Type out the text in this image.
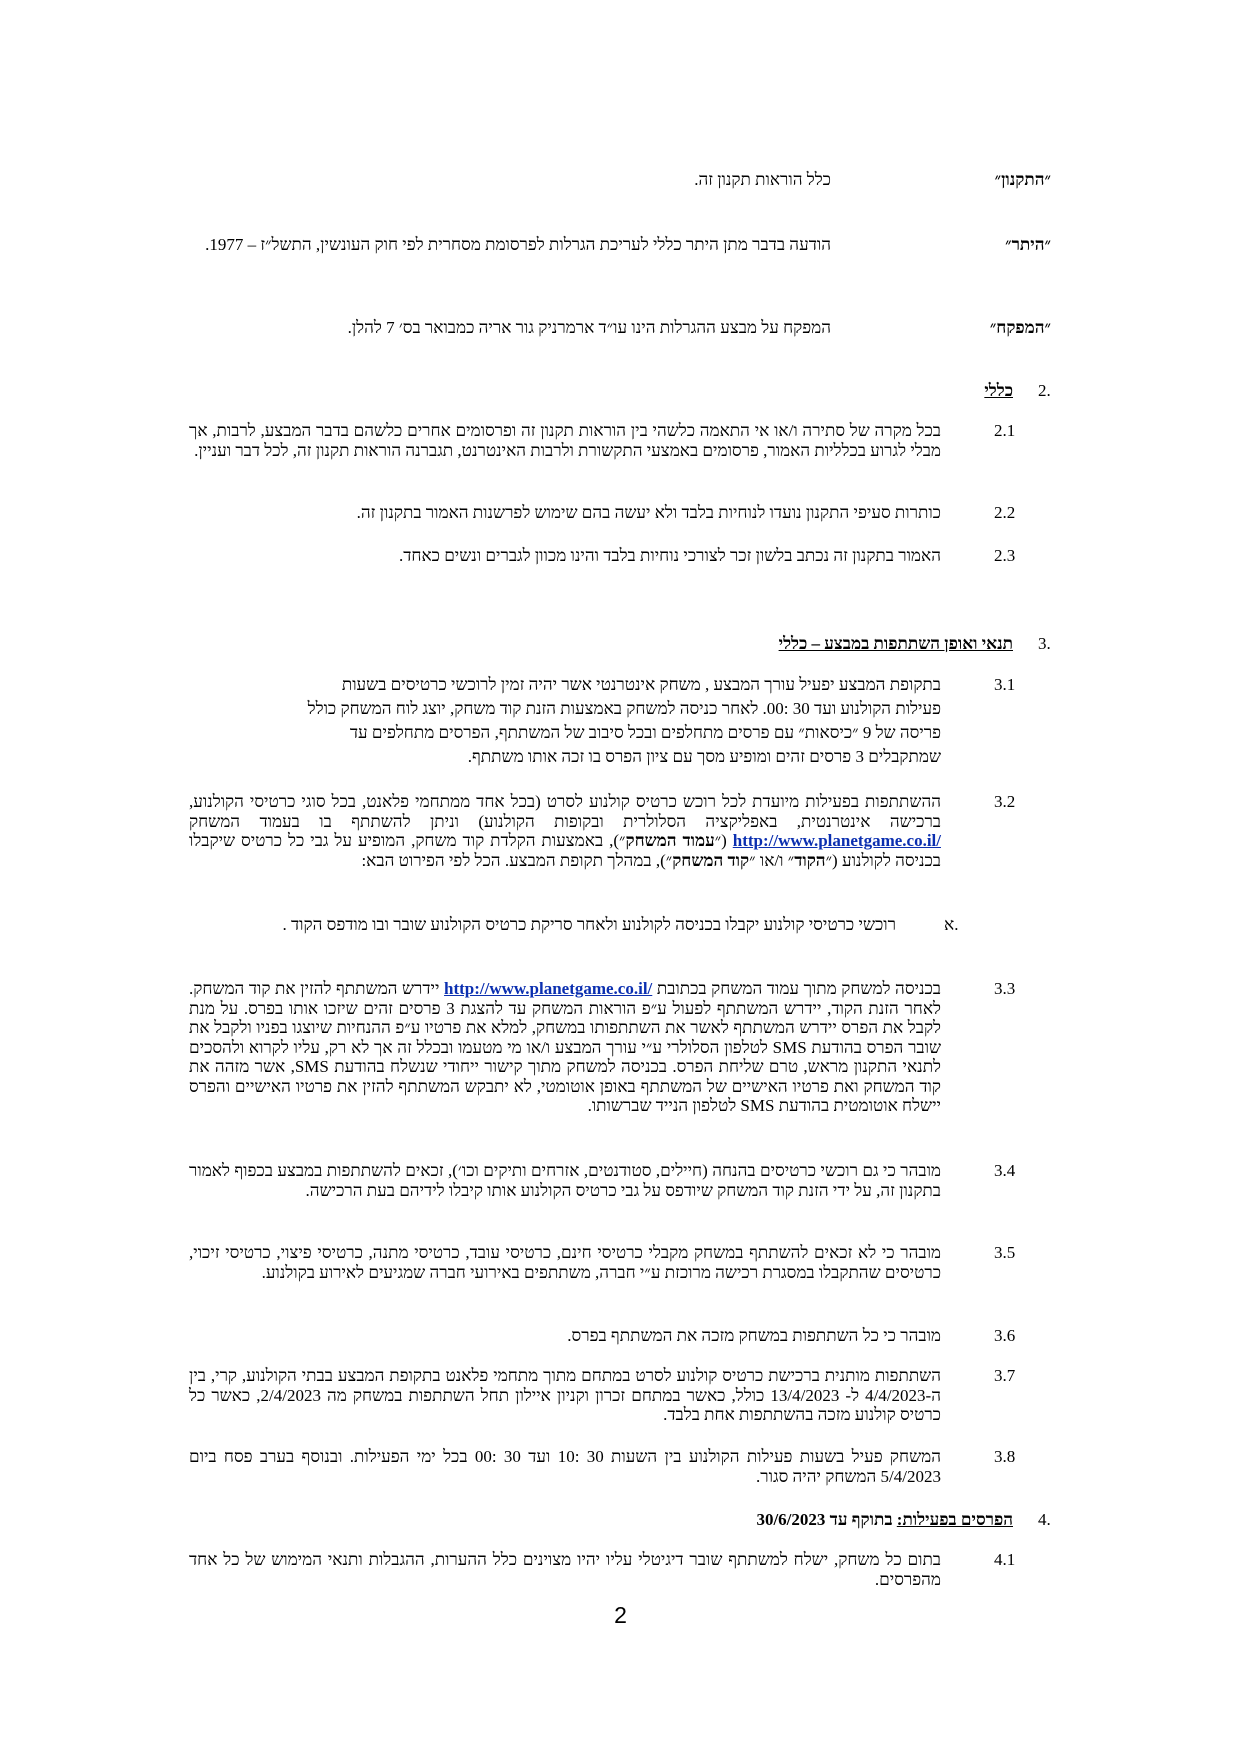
״התקנון״
כלל הוראות תקנון זה.
״היתר״
הודעה בדבר מתן היתר כללי לעריכת הגרלות לפרסומת מסחרית לפי חוק העונשין, התשל״ז – 1977.
״המפקח״
המפקח על מבצע ההגרלות הינו עו״ד ארמרניק גור אריה כמבואר בס׳ 7 להלן.
2.
כללי
2.1
בכל מקרה של סתירה ו/או אי התאמה כלשהי בין הוראות תקנון זה ופרסומים אחרים כלשהם בדבר המבצע, לרבות, אך מבלי לגרוע בכלליות האמור, פרסומים באמצעי התקשורת ולרבות האינטרנט, תגברנה הוראות תקנון זה, לכל דבר ועניין.
2.2
כותרות סעיפי התקנון נועדו לנוחיות בלבד ולא יעשה בהם שימוש לפרשנות האמור בתקנון זה.
2.3
האמור בתקנון זה נכתב בלשון זכר לצורכי נוחיות בלבד והינו מכוון לגברים ונשים כאחד.
3.
תנאי ואופן השתתפות במבצע – כללי
3.1
בתקופת המבצע יפעיל עורך המבצע , משחק אינטרנטי אשר יהיה זמין לרוכשי כרטיסים בשעות
פעילות הקולנוע ועד 30 :00. לאחר כניסה למשחק באמצעות הזנת קוד משחק, יוצג לוח המשחק כולל
פריסה של 9 ״כיסאות״ עם פרסים מתחלפים ובכל סיבוב של המשתתף, הפרסים מתחלפים עד
שמתקבלים 3 פרסים זהים ומופיע מסך עם ציון הפרס בו זכה אותו משתתף.
3.2
ההשתתפות בפעילות מיועדת לכל רוכש כרטיס קולנוע לסרט (בכל אחד ממתחמי פלאנט, בכל סוגי כרטיסי הקולנוע, ברכישה אינטרנטית, באפליקציה הסלולרית ובקופות הקולנוע) וניתן להשתתף בו בעמוד המשחק http://www.planetgame.co.il/ (״עמוד המשחק״), באמצעות הקלדת קוד משחק, המופיע על גבי כל כרטיס שיקבלו בכניסה לקולנוע (״הקוד״ ו/או ״קוד המשחק״), במהלך תקופת המבצע. הכל לפי הפירוט הבא:
א.
רוכשי כרטיסי קולנוע יקבלו בכניסה לקולנוע ולאחר סריקת כרטיס הקולנוע שובר ובו מודפס הקוד .
3.3
בכניסה למשחק מתוך עמוד המשחק בכתובת http://www.planetgame.co.il/ יידרש המשתתף להזין את קוד המשחק. לאחר הזנת הקוד, יידרש המשתתף לפעול ע״פ הוראות המשחק עד להצגת 3 פרסים זהים שיזכו אותו בפרס. על מנת לקבל את הפרס יידרש המשתתף לאשר את השתתפותו במשחק, למלא את פרטיו ע״פ ההנחיות שיוצגו בפניו ולקבל את שובר הפרס בהודעת SMS לטלפון הסלולרי ע״י עורך המבצע ו/או מי מטעמו ובכלל זה אך לא רק, עליו לקרוא ולהסכים לתנאי התקנון מראש, טרם שליחת הפרס. בכניסה למשחק מתוך קישור ייחודי שנשלח בהודעת SMS, אשר מזהה את קוד המשחק ואת פרטיו האישיים של המשתתף באופן אוטומטי, לא יתבקש המשתתף להזין את פרטיו האישיים והפרס יישלח אוטומטית בהודעת SMS לטלפון הנייד שברשותו.
3.4
מובהר כי גם רוכשי כרטיסים בהנחה (חיילים, סטודנטים, אזרחים ותיקים וכו׳), זכאים להשתתפות במבצע בכפוף לאמור בתקנון זה, על ידי הזנת קוד המשחק שיודפס על גבי כרטיס הקולנוע אותו קיבלו לידיהם בעת הרכישה.
3.5
מובהר כי לא זכאים להשתתף במשחק מקבלי כרטיסי חינם, כרטיסי עובד, כרטיסי מתנה, כרטיסי פיצוי, כרטיסי זיכוי, כרטיסים שהתקבלו במסגרת רכישה מרוכזת ע״י חברה, משתתפים באירועי חברה שמגיעים לאירוע בקולנוע.
3.6
מובהר כי כל השתתפות במשחק מזכה את המשתתף בפרס.
3.7
השתתפות מותנית ברכישת כרטיס קולנוע לסרט במתחם מתוך מתחמי פלאנט בתקופת המבצע בבתי הקולנוע, קרי, בין ה-4/4/2023 ל- 13/4/2023 כולל, כאשר במתחם זכרון וקניון איילון תחל השתתפות במשחק מה 2/4/2023, כאשר כל כרטיס קולנוע מזכה בהשתתפות אחת בלבד.
3.8
המשחק פעיל בשעות פעילות הקולנוע בין השעות 30 :10 ועד 30 :00 בכל ימי הפעילות. ובנוסף בערב פסח ביום 5/4/2023 המשחק יהיה סגור.
4.
הפרסים בפעילות: בתוקף עד 30/6/2023
4.1
בתום כל משחק, ישלח למשתתף שובר דיגיטלי עליו יהיו מצוינים כלל ההערות, ההגבלות ותנאי המימוש של כל אחד מהפרסים.
2
